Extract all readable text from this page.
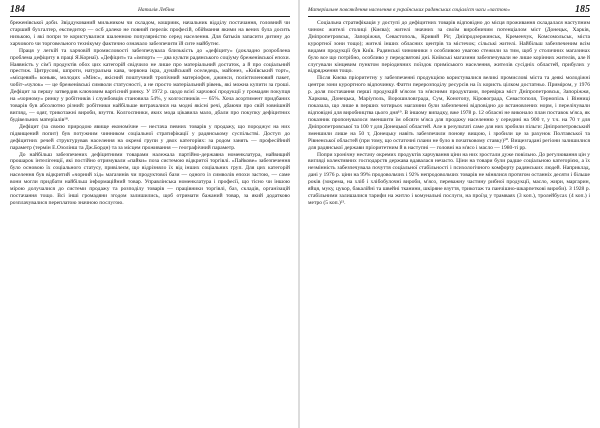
184	Наталія Лебіна

бреженівської доби. Звіддукований мильником чи складом, кошриик, начальник відділу постачання, головний чи старший бухгалтер, експедитор — осб далеко не повний перелік професій, обіймання якими на вених була досить низькою, і які попри те користувалися шаленною популярністю серед населення. Для батьків запасити дитину до харчового чи торговельного технікуму фактично означало забезпечити їй сите майбутнє.

Праця у легкій та харчовій промисловості забезпечувала близькість до «дефіциту» (докладно розроблена проблема дефіциту в праці Я.Корнаї). «Дефіцит» та «імпорт» — два культи радянського соціуму бреженівської епохи. Наявність у сім'ї продуктів обох цих категорій свідчило не лише про матеріальний достаток, а й про соціальний престиж. Цитрусові, шпроти, натуральна кава, червона ікра, дунайський оселедець, майонез, «Київський торт», «місцевий» коньяк, молодих «Мінс», якісний поштучний тропічний матеріофон, джинси, полієтиленовий пакет, чобіт-«чулок» — це бреженівські символи статусності, а не просто матеріальний рівень, які можна купити за гроші. Дефіцит за першу затвердив ключовим вартісний ринку. У 1972 р. щодо всієї харчової продукції у громадян покупця на «чорному» ринку у робітників і службовців становила 54%, у колгоспників — 65%. Хоча асортимент придбаних товарів був абсолютно різний: робітники найбільше витрачалися на модні якісні речі, дбаючи про свій зовнішній вигляд, — одяг, трикотажні вироби, взуття. Колгоспники, яких мода цікавила мало, дбали про покупку дефіцитних будівельних матеріалів¹⁸.

Дефіцит (за своєю природою явище економічне — нестача певних товарів у продажу, що породжує на них підвищений попит) був потужним чинником соціальної стратифікації у радянському суспільстві. Доступ до дефіцитних речей структурував населення на окремі групи у двох категоріях: за родом занять — професійний параметр (термін Е.Озолінш та Дж.Бордн) та за місцем проживання — географічний параметр.

До найбільш забезпечених дефіцитними товарами належала партійно-державна номенклатура, найвищий прошарок інтелігенції, які постійно отримували «пайки» поза системою відкритої торгівлі. «Пайкове» забезпечення було основою їх соціального статусу, привілеєм, що відрізняло їх від інших соціальних груп. Для цих категорій населення був відкритий «чорний хід» магазинів чи продуктової бази — одного із символів епохи застою, — саме вони могли придбати найбільш інформаційний товар. Управлінська номенклатура і професії, що тісно чи іншою мірою долучалися до системи продажу та розподілу товарів — працівники торгівлі, баз, складів, організацій постачання тощо. Всі інші громадяни згодом залишились, щоб отримати бажаний товар, за який додатково розплачувалися переплатою значною послугою.

Матеріальне повсякдення населення в українських радянських соціаліст часи «застою»	185

Соціальна стратифікація у доступі до дефіцитних товарів відповідно до місця проживання складалася наступним чином: жителі столиці (Києва); жителі значних за своїм виробничим потенціалом міст (Донецьк, Харків, Дніпропетровськ, Запоріжжя, Севастополь, Кривий Ріг, Дніпродзержинськ, Кременчук, Комсомольськ, міста курортної зони тощо); жителі інших обласних центрів та містечок; сільські жителі. Найбільш забезпеченим всім видами продукції був Київ. Радянські чиновники з особливою увагою стежили за тим, щоб у столичних магазинах було все що потрібно, особливо у передсвятові дні. Київські магазини забезпечували не лише корінних жителів, але й слугували кінцевим пунктом періодичних поїздок приміського населення, жителів сусідніх областей, прибулих у відрядження тощо.

Після Києва пріоритетну у забезпеченні продукцією користувалися великі промислові міста та деякі молодіжні центри зони курортного відпочинку. Фатти перерозподілу ресурсів на їх користь цілком достатньо. Приміром, у 1976 р. доля постачання перші продукцій м'ясом та м'ясними продуктами, перевірка міст Дніпропетровськ, Запоріжжя, Харкова, Донецька, Маріуполь, Ворошиловграда, Сум, Конотопу, Кіровограда, Севастополя, Тернопіль і Вінниці показала, що лише в перших чотирьох магазини були забезпечені відповідно до встановлених норм, і перелічували відповідні для виробництва цього дня¹⁹. В іншому випадку, вже 1978 р. 12 обласні не виконало план поставок м'яса, як показник пропонувалося зменшити їм обсяги м'яса для продажу населенню у середині на 900 т, у т.ч. на 70 т для Дніпропетровської та 100 т для Донецької областей. Але в результаті саме для них зробили пільги: Дніпропетровський зменшили лише на 50 т, Донецьку навіть забезпечили понову вищою, і зробили це за рахунок Полтавської та Рівненської областей (при тому, що остаточні плани не було в початковому ставку)²⁰. Вищезгадані регіони залишилися для радянської держави пріоритетним й в наступні — головні на м'ясо і масло — 1980-ті рр.

Попри хронічну нестачу окремих продуктів харчування ціни на них зростали дуже повільно. До регулювання цін у вигляді колективних господарств держава вдавалася нечасто. Ціни на товари були радше соціальною категорією, а їх незмінність забезпечувала почуття соціальної стабільності і психологічного комфорту радянських людей. Наприклад, дані у 1976 р. ціни на 99% продовольчих і 92% непродовольчих товарів не мінялися протягом останніх десяти і більше років (зокрема, на хліб і хлібобулочні вироби, м'ясо, переважну частину рибної продукції, масло, жири, маргарин, яйця, муку, цукор, бакалійні та швейні тканини, шкіряне взуття, трикотаж та панчішно-шкарпеткові вироби). З 1928 р. стабільними залишалися тарифи на житло і комунальні послуги, на проїзд у трамваях (3 коп.), тролейбусах (4 коп.) і метро (5 коп.)²¹.
